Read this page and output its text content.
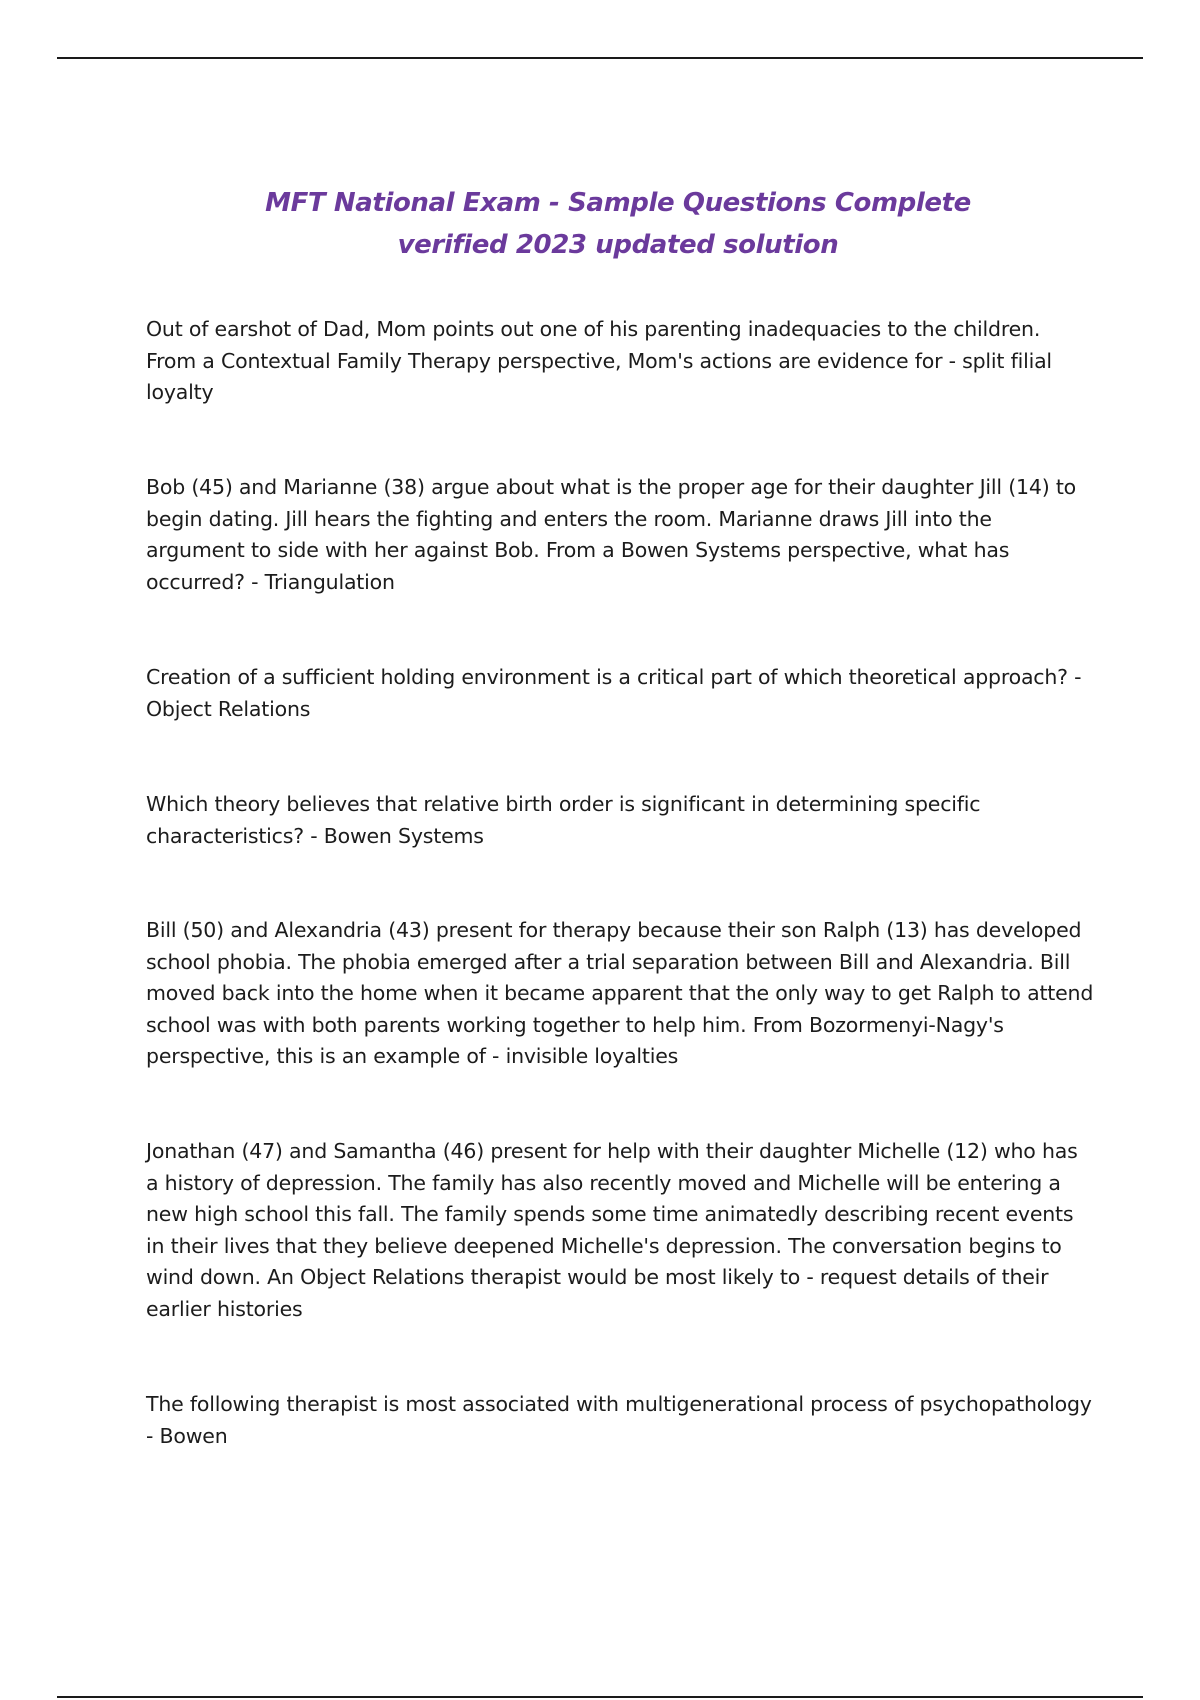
MFT National Exam - Sample Questions Complete
verified 2023 updated solution

Out of earshot of Dad, Mom points out one of his parenting inadequacies to the children. From a Contextual Family Therapy perspective, Mom's actions are evidence for - split filial loyalty

Bob (45) and Marianne (38) argue about what is the proper age for their daughter Jill (14) to begin dating. Jill hears the fighting and enters the room. Marianne draws Jill into the argument to side with her against Bob. From a Bowen Systems perspective, what has occurred? - Triangulation

Creation of a sufficient holding environment is a critical part of which theoretical approach? - Object Relations

Which theory believes that relative birth order is significant in determining specific characteristics? - Bowen Systems

Bill (50) and Alexandria (43) present for therapy because their son Ralph (13) has developed school phobia. The phobia emerged after a trial separation between Bill and Alexandria. Bill moved back into the home when it became apparent that the only way to get Ralph to attend school was with both parents working together to help him. From Bozormenyi-Nagy's perspective, this is an example of - invisible loyalties

Jonathan (47) and Samantha (46) present for help with their daughter Michelle (12) who has a history of depression. The family has also recently moved and Michelle will be entering a new high school this fall. The family spends some time animatedly describing recent events in their lives that they believe deepened Michelle's depression. The conversation begins to wind down. An Object Relations therapist would be most likely to - request details of their earlier histories

The following therapist is most associated with multigenerational process of psychopathology - Bowen
